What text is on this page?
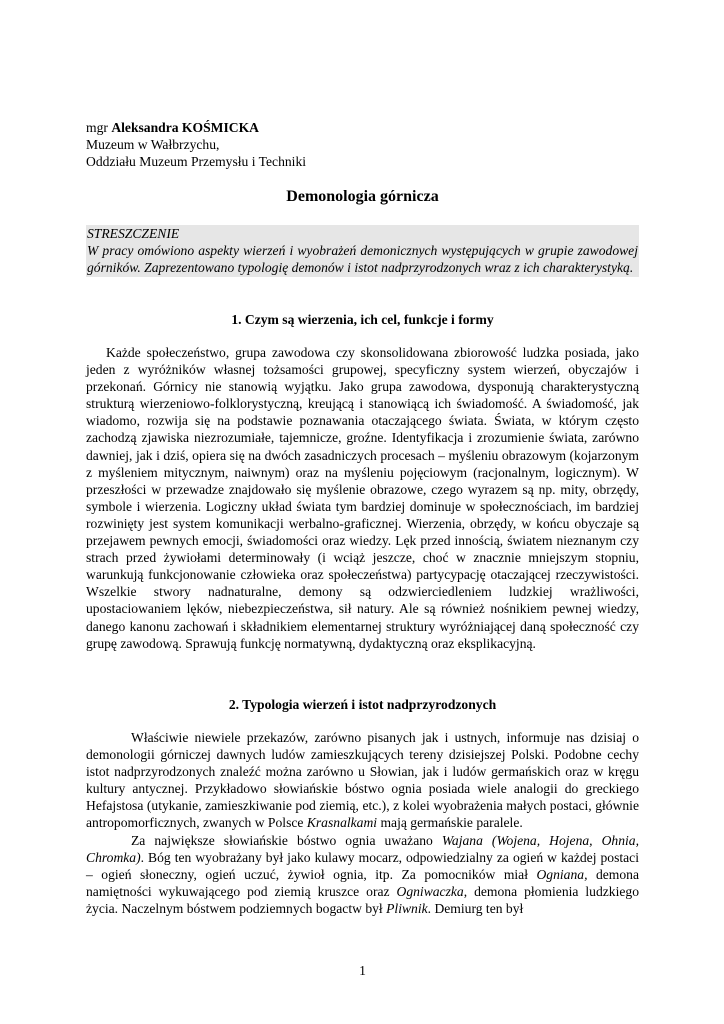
mgr Aleksandra KOŚMICKA
Muzeum w Wałbrzychu,
Oddziału Muzeum Przemysłu i Techniki
Demonologia górnicza

STRESZCZENIE

W pracy omówiono aspekty wierzeń i wyobrażeń demonicznych występujących w grupie zawodowej górników. Zaprezentowano typologię demonów i istot nadprzyrodzonych wraz z ich charakterystyką.

1. Czym są wierzenia, ich cel, funkcje i formy

Każde społeczeństwo, grupa zawodowa czy skonsolidowana zbiorowość ludzka posiada, jako jeden z wyróżników własnej tożsamości grupowej, specyficzny system wierzeń, obyczajów i przekonań. Górnicy nie stanowią wyjątku. Jako grupa zawodowa, dysponują charakterystyczną strukturą wierzeniowo-folklorystyczną, kreującą i stanowiącą ich świadomość. A świadomość, jak wiadomo, rozwija się na podstawie poznawania otaczającego świata. Świata, w którym często zachodzą zjawiska niezrozumiałe, tajemnicze, groźne. Identyfikacja i zrozumienie świata, zarówno dawniej, jak i dziś, opiera się na dwóch zasadniczych procesach – myśleniu obrazowym (kojarzonym z myśleniem mitycznym, naiwnym) oraz na myśleniu pojęciowym (racjonalnym, logicznym). W przeszłości w przewadze znajdowało się myślenie obrazowe, czego wyrazem są np. mity, obrzędy, symbole i wierzenia. Logiczny układ świata tym bardziej dominuje w społecznościach, im bardziej rozwinięty jest system komunikacji werbalno-graficznej. Wierzenia, obrzędy, w końcu obyczaje są przejawem pewnych emocji, świadomości oraz wiedzy. Lęk przed innością, światem nieznanym czy strach przed żywiołami determinowały (i wciąż jeszcze, choć w znacznie mniejszym stopniu, warunkują funkcjonowanie człowieka oraz społeczeństwa) partycypację otaczającej rzeczywistości. Wszelkie stwory nadnaturalne, demony są odzwierciedleniem ludzkiej wrażliwości, upostaciowaniem lęków, niebezpieczeństwa, sił natury. Ale są również nośnikiem pewnej wiedzy, danego kanonu zachowań i składnikiem elementarnej struktury wyróżniającej daną społeczność czy grupę zawodową. Sprawują funkcję normatywną, dydaktyczną oraz eksplikacyjną.

2. Typologia wierzeń i istot nadprzyrodzonych

Właściwie niewiele przekazów, zarówno pisanych jak i ustnych, informuje nas dzisiaj o demonologii górniczej dawnych ludów zamieszkujących tereny dzisiejszej Polski. Podobne cechy istot nadprzyrodzonych znaleźć można zarówno u Słowian, jak i ludów germańskich oraz w kręgu kultury antycznej. Przykładowo słowiańskie bóstwo ognia posiada wiele analogii do greckiego Hefajstosa (utykanie, zamieszkiwanie pod ziemią, etc.), z kolei wyobrażenia małych postaci, głównie antropomorficznych, zwanych w Polsce Krasnalkami mają germańskie paralele.

Za największe słowiańskie bóstwo ognia uważano Wajana (Wojena, Hojena, Ohnia, Chromka). Bóg ten wyobrażany był jako kulawy mocarz, odpowiedzialny za ogień w każdej postaci – ogień słoneczny, ogień uczuć, żywioł ognia, itp. Za pomocników miał Ogniana, demona namiętności wykuwającego pod ziemią kruszce oraz Ogniwaczka, demona płomienia ludzkiego życia. Naczelnym bóstwem podziemnych bogactw był Pliwnik. Demiurg ten był

1
